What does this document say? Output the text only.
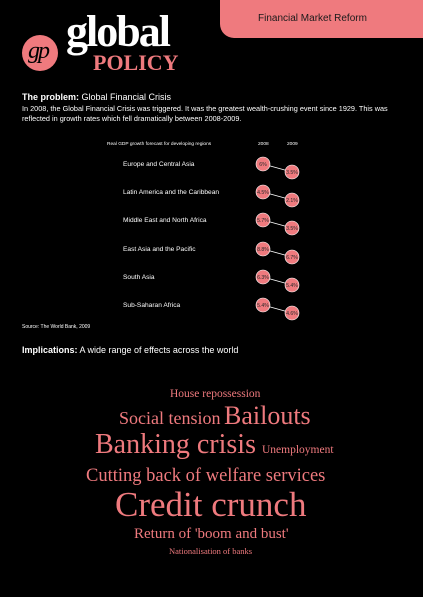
Financial Market Reform
gp global
POLICY
The problem: Global Financial Crisis
In 2008, the Global Financial Crisis was triggered. It was the greatest wealth-crushing event since 1929. This was reflected in growth rates which fell dramatically between 2008-2009.
Real GDP growth forecast for developing regions	2008	2009
Europe and Central Asia
Latin America and the Caribbean
Middle East and North Africa
East Asia and the Pacific
South Asia
Sub-Saharan Africa
6%
3.5%
4.5%
2.1%
5.7%
3.5%
8.8%
6.7%
6.3%
5.4%
5.4%
4.6%
Source: The World Bank, 2009
Implications: A wide range of effects across the world
House repossession
Social tension Bailouts
Banking crisis Unemployment
Cutting back of welfare services
Credit crunch
Return of 'boom and bust'
Nationalisation of banks
